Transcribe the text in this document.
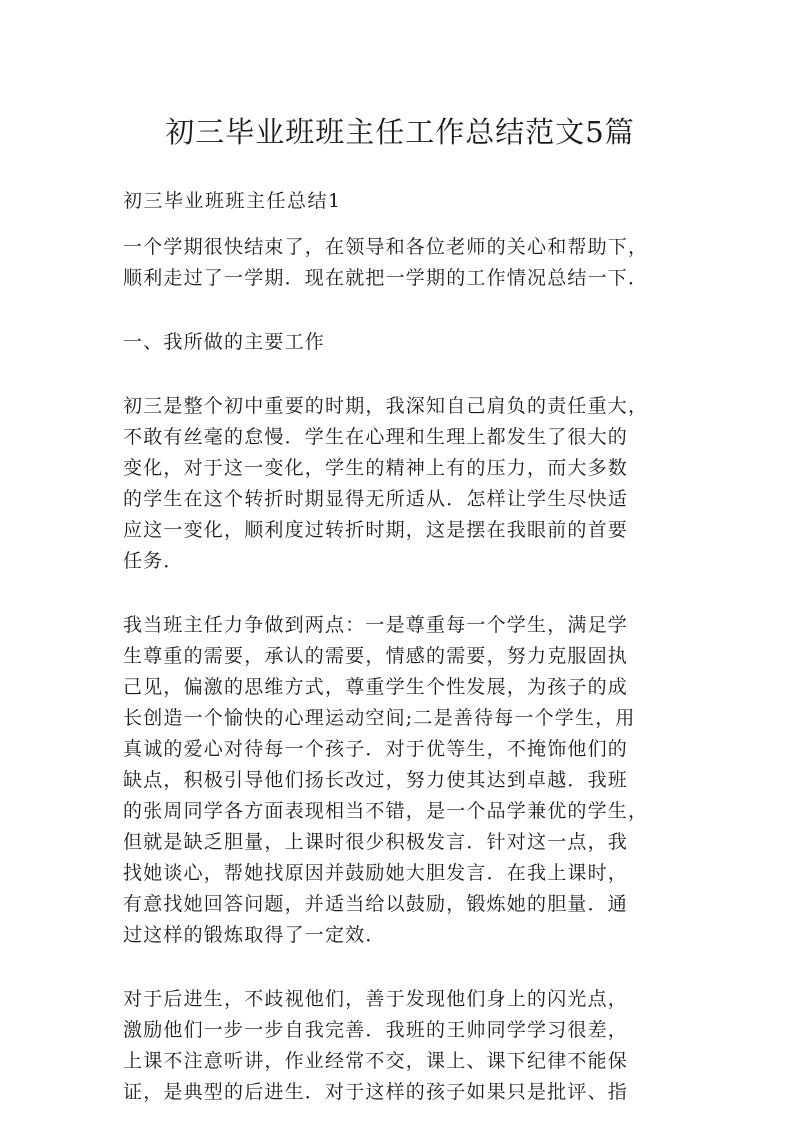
初三毕业班班主任工作总结范文5篇

初三毕业班班主任总结1

一个学期很快结束了，在领导和各位老师的关心和帮助下，
顺利走过了一学期．现在就把一学期的工作情况总结一下．
一、我所做的主要工作
初三是整个初中重要的时期，我深知自己肩负的责任重大，
不敢有丝毫的怠慢．学生在心理和生理上都发生了很大的
变化，对于这一变化，学生的精神上有的压力，而大多数
的学生在这个转折时期显得无所适从．怎样让学生尽快适
应这一变化，顺利度过转折时期，这是摆在我眼前的首要
任务．
我当班主任力争做到两点：一是尊重每一个学生，满足学
生尊重的需要，承认的需要，情感的需要，努力克服固执
己见，偏激的思维方式，尊重学生个性发展，为孩子的成
长创造一个愉快的心理运动空间;二是善待每一个学生，用
真诚的爱心对待每一个孩子．对于优等生，不掩饰他们的
缺点，积极引导他们扬长改过，努力使其达到卓越．我班
的张周同学各方面表现相当不错，是一个品学兼优的学生，
但就是缺乏胆量，上课时很少积极发言．针对这一点，我
找她谈心，帮她找原因并鼓励她大胆发言．在我上课时，
有意找她回答问题，并适当给以鼓励，锻炼她的胆量．通
过这样的锻炼取得了一定效．
对于后进生，不歧视他们，善于发现他们身上的闪光点，
激励他们一步一步自我完善．我班的王帅同学学习很差，
上课不注意听讲，作业经常不交，课上、课下纪律不能保
证，是典型的后进生．对于这样的孩子如果只是批评、指
